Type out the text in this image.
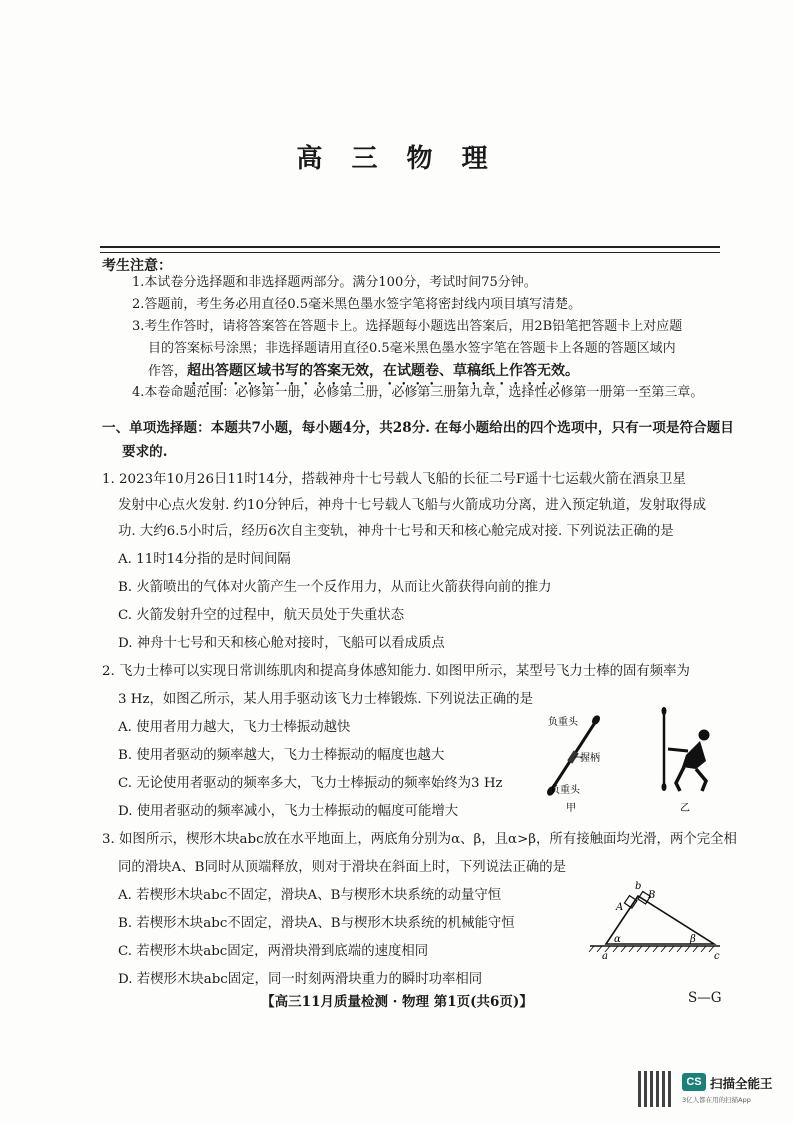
高 三 物 理
考生注意：
1.本试卷分选择题和非选择题两部分。满分100分，考试时间75分钟。
2.答题前，考生务必用直径0.5毫米黑色墨水签字笔将密封线内项目填写清楚。
3.考生作答时，请将答案答在答题卡上。选择题每小题选出答案后，用2B铅笔把答题卡上对应题
目的答案标号涂黑；非选择题请用直径0.5毫米黑色墨水签字笔在答题卡上各题的答题区域内
作答，超出答题区域书写的答案无效，在试题卷、草稿纸上作答无效。
4.本卷命题范围：必修第一册，必修第二册，必修第三册第九章，选择性必修第一册第一至第三章。
一、单项选择题：本题共7小题，每小题4分，共28分. 在每小题给出的四个选项中，只有一项是符合题目
要求的.
1. 2023年10月26日11时14分，搭载神舟十七号载人飞船的长征二号F遥十七运载火箭在酒泉卫星
发射中心点火发射. 约10分钟后，神舟十七号载人飞船与火箭成功分离，进入预定轨道，发射取得成
功. 大约6.5小时后，经历6次自主变轨，神舟十七号和天和核心舱完成对接. 下列说法正确的是
A. 11时14分指的是时间间隔
B. 火箭喷出的气体对火箭产生一个反作用力，从而让火箭获得向前的推力
C. 火箭发射升空的过程中，航天员处于失重状态
D. 神舟十七号和天和核心舱对接时，飞船可以看成质点
2. 飞力士棒可以实现日常训练肌肉和提高身体感知能力. 如图甲所示，某型号飞力士棒的固有频率为
3 Hz，如图乙所示，某人用手驱动该飞力士棒锻炼. 下列说法正确的是
A. 使用者用力越大，飞力士棒振动越快
B. 使用者驱动的频率越大，飞力士棒振动的幅度也越大
C. 无论使用者驱动的频率多大，飞力士棒振动的频率始终为3 Hz
D. 使用者驱动的频率减小，飞力士棒振动的幅度可能增大
负重头
握柄
负重头
甲	乙
3. 如图所示，楔形木块abc放在水平地面上，两底角分别为α、β，且α>β，所有接触面均光滑，两个完全相
同的滑块A、B同时从顶端释放，则对于滑块在斜面上时，下列说法正确的是
A. 若楔形木块abc不固定，滑块A、B与楔形木块系统的动量守恒
B. 若楔形木块abc不固定，滑块A、B与楔形木块系统的机械能守恒
C. 若楔形木块abc固定，两滑块滑到底端的速度相同
D. 若楔形木块abc固定，同一时刻两滑块重力的瞬时功率相同
A
B
b
α	β
a	c
【高三11月质量检测 · 物理 第1页(共6页)】	S—G
CS 扫描全能王
3亿人都在用的扫描App
